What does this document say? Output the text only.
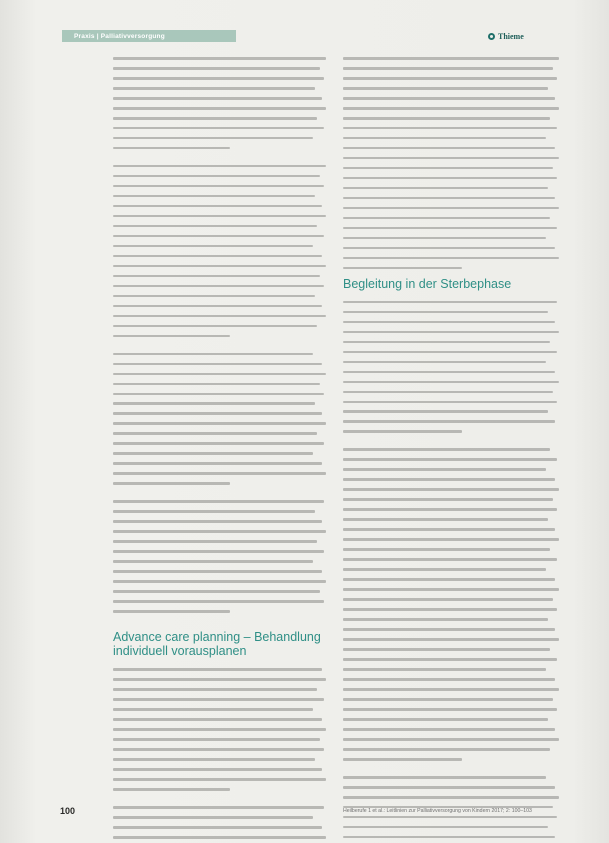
Praxis | Palliativversorgung	Thieme
Advance care planning – Behandlung
individuell vorausplanen
Begleitung in der Sterbephase
100	Heilberufe 1 et al.: Leitlinien zur Palliativversorgung von Kindern 2017; 2: 100–103
